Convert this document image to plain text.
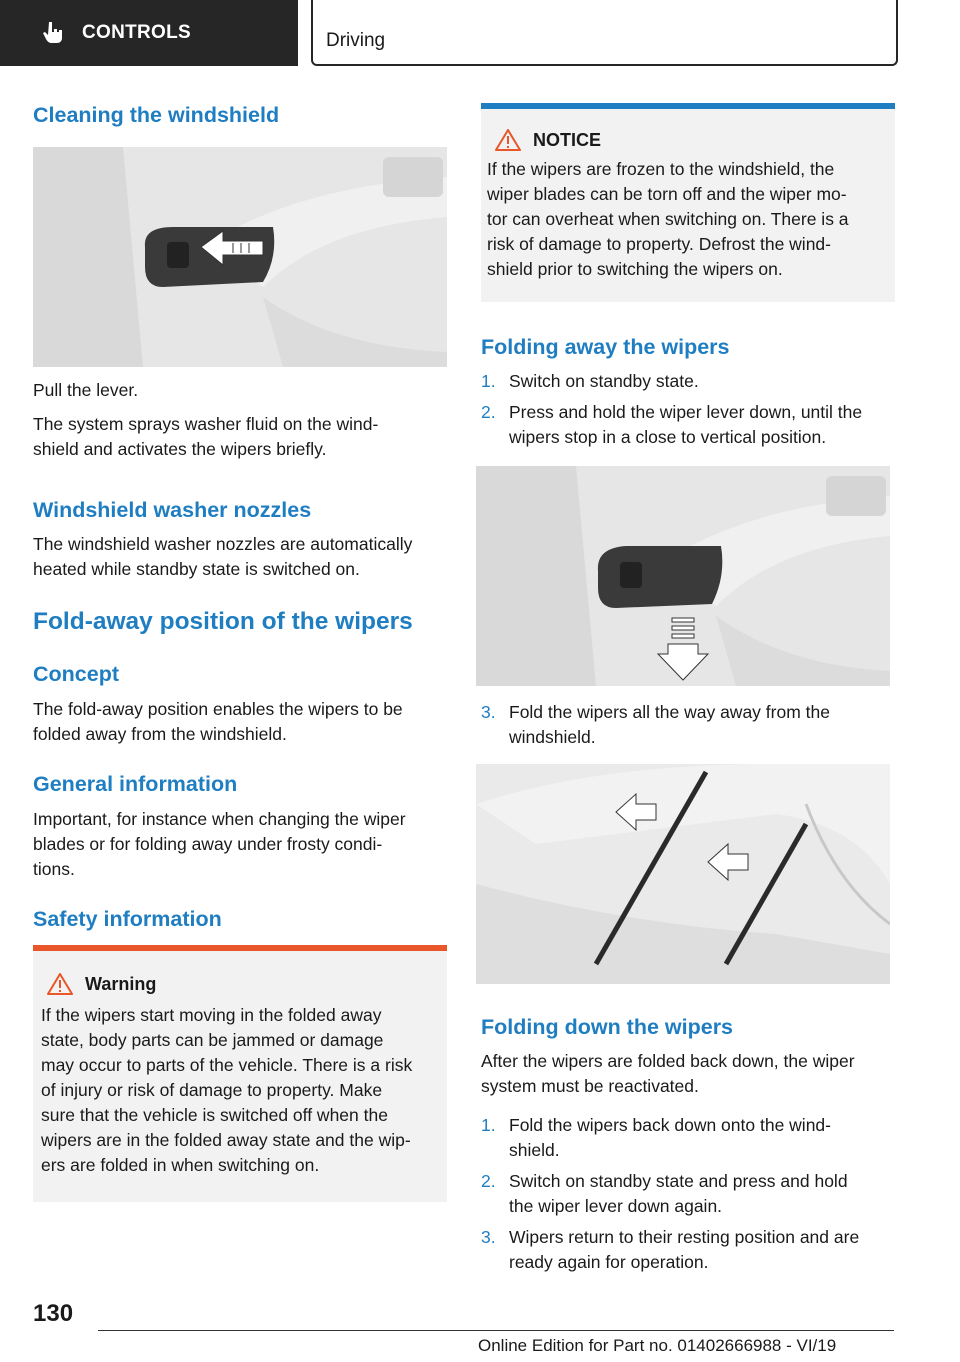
CONTROLS	Driving
Cleaning the windshield
Pull the lever.
The system sprays washer fluid on the wind-
shield and activates the wipers briefly.
Windshield washer nozzles
The windshield washer nozzles are automatically
heated while standby state is switched on.
Fold-away position of the wipers
Concept
The fold-away position enables the wipers to be
folded away from the windshield.
General information
Important, for instance when changing the wiper
blades or for folding away under frosty condi-
tions.
Safety information
Warning
If the wipers start moving in the folded away
state, body parts can be jammed or damage
may occur to parts of the vehicle. There is a risk
of injury or risk of damage to property. Make
sure that the vehicle is switched off when the
wipers are in the folded away state and the wip-
ers are folded in when switching on.
NOTICE
If the wipers are frozen to the windshield, the
wiper blades can be torn off and the wiper mo-
tor can overheat when switching on. There is a
risk of damage to property. Defrost the wind-
shield prior to switching the wipers on.
Folding away the wipers
1. Switch on standby state.
2. Press and hold the wiper lever down, until the
wipers stop in a close to vertical position.
3. Fold the wipers all the way away from the
windshield.
Folding down the wipers
After the wipers are folded back down, the wiper
system must be reactivated.
1. Fold the wipers back down onto the wind-
shield.
2. Switch on standby state and press and hold
the wiper lever down again.
3. Wipers return to their resting position and are
ready again for operation.
130
Online Edition for Part no. 01402666988 - VI/19
